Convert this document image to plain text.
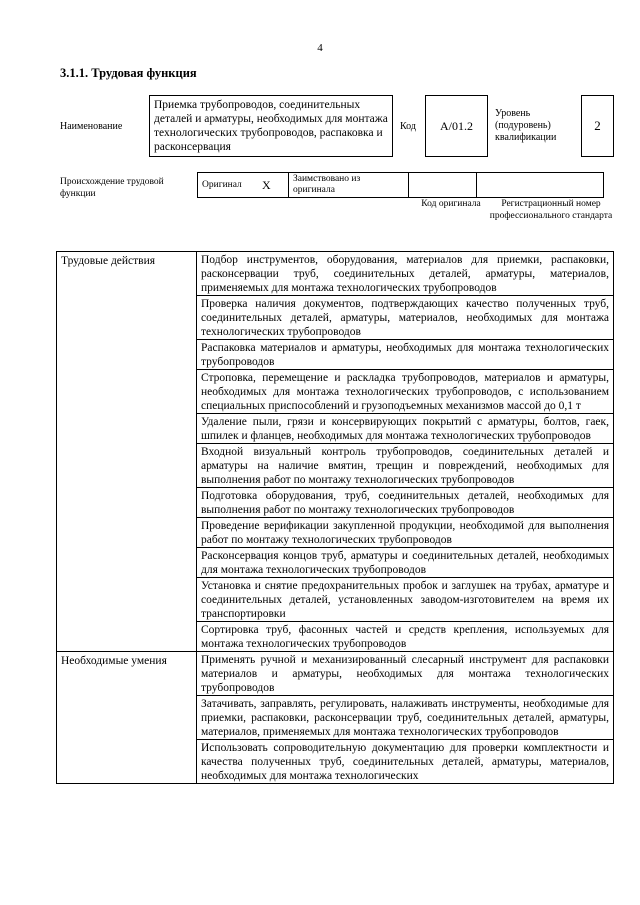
4
3.1.1. Трудовая функция
Наименование
Приемка трубопроводов, соединительных деталей и арматуры, необходимых для монтажа технологических трубопроводов, распаковка и расконсервация
Код	A/01.2
Уровень (подуровень) квалификации
2
Происхождение трудовой функции
Оригинал	X	Заимствовано из оригинала		
Код оригинала	Регистрационный номер профессионального стандарта
Трудовые действия	Подбор инструментов, оборудования, материалов для приемки, распаковки, расконсервации труб, соединительных деталей, арматуры, материалов, применяемых для монтажа технологических трубопроводов
	Проверка наличия документов, подтверждающих качество полученных труб, соединительных деталей, арматуры, материалов, необходимых для монтажа технологических трубопроводов
	Распаковка материалов и арматуры, необходимых для монтажа технологических трубопроводов
	Строповка, перемещение и раскладка трубопроводов, материалов и арматуры, необходимых для монтажа технологических трубопроводов, с использованием специальных приспособлений и грузоподъемных механизмов массой до 0,1 т
	Удаление пыли, грязи и консервирующих покрытий с арматуры, болтов, гаек, шпилек и фланцев, необходимых для монтажа технологических трубопроводов
	Входной визуальный контроль трубопроводов, соединительных деталей и арматуры на наличие вмятин, трещин и повреждений, необходимых для выполнения работ по монтажу технологических трубопроводов
	Подготовка оборудования, труб, соединительных деталей, необходимых для выполнения работ по монтажу технологических трубопроводов
	Проведение верификации закупленной продукции, необходимой для выполнения работ по монтажу технологических трубопроводов
	Расконсервация концов труб, арматуры и соединительных деталей, необходимых для монтажа технологических трубопроводов
	Установка и снятие предохранительных пробок и заглушек на трубах, арматуре и соединительных деталей, установленных заводом-изготовителем на время их транспортировки
	Сортировка труб, фасонных частей и средств крепления, используемых для монтажа технологических трубопроводов
Необходимые умения	Применять ручной и механизированный слесарный инструмент для распаковки материалов и арматуры, необходимых для монтажа технологических трубопроводов
	Затачивать, заправлять, регулировать, налаживать инструменты, необходимые для приемки, распаковки, расконсервации труб, соединительных деталей, арматуры, материалов, применяемых для монтажа технологических трубопроводов
	Использовать сопроводительную документацию для проверки комплектности и качества полученных труб, соединительных деталей, арматуры, материалов, необходимых для монтажа технологических
